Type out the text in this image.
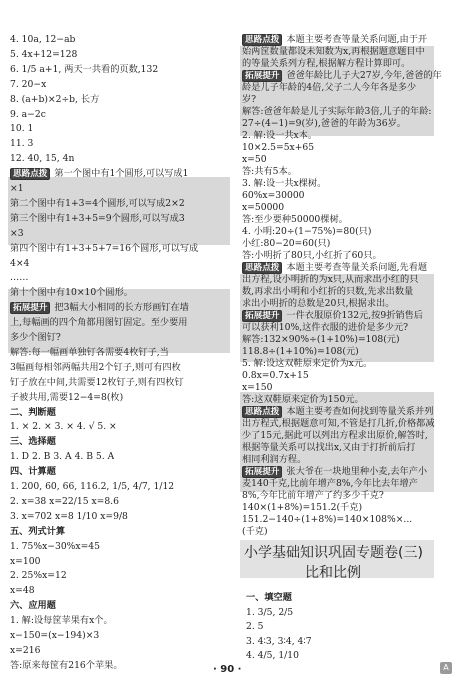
4. 10a, 12−ab
5. 4x+12=128
6. 1/5 a+1, 两天一共看的页数,132
7. 20−x
8. (a+b)×2÷b, 长方
9. a−2c
10. 1
11. 3
12. 40, 15, 4n
思路点拨 第一个图中有1个圆形,可以写成1
×1
第二个图中有1+3=4个圆形,可以写成2×2
第三个图中有1+3+5=9个圆形,可以写成3
×3
第四个图中有1+3+5+7=16个圆形,可以写成
4×4
……
第十个图中有10×10个圆形。
拓展提升 把3幅大小相同的长方形画钉在墙
上,每幅画的四个角都用图钉固定。至少要用
多少个图钉?
解答:每一幅画单独钉各需要4枚钉子,当
3幅画每相邻两幅共用2个钉子,则可有四枚
钉子放在中间,共需要12枚钉子,则有四枚钉
子被共用,需要12−4=8(枚)
二、判断题
1. × 2. × 3. × 4. √ 5. ×
三、选择题
1. D 2. B 3. A 4. B 5. A
四、计算题
1. 200, 60, 66, 116.2, 1/5, 4/7, 1/12
2. x=38 x=22/15 x=8.6
3. x=702 x=8 1/10 x=9/8
五、列式计算
1. 75%x−30%x=45
x=100
2. 25%x=12
x=48
六、应用题
1. 解:设每筐苹果有x个。
x−150=(x−194)×3
x=216
答:原来每筐有216个苹果。
思路点拨 本题主要考查等量关系问题,由于开
始两筐数量都设未知数为x,再根据题意题目中
的等量关系列方程,根据解方程计算即可。
拓展提升 爸爸年龄比儿子大27岁,今年,爸爸的年
龄是儿子年龄的4倍,父子二人今年各是多少
岁?
解答:爸爸年龄是儿子实际年龄3倍,儿子的年龄:
27÷(4−1)=9(岁),爸爸的年龄为36岁。
2. 解:设一共x本。
10×2.5=5x+65
x=50
答:共有5本。
3. 解:设一共x棵树。
60%x=30000
x=50000
答:至少要种50000棵树。
4. 小明:20÷(1−75%)=80(只)
小红:80−20=60(只)
答:小明折了80只,小红折了60只。
思路点拨 本题主要考查等量关系问题,先看题
出方程,设小明折的为x只,从而求出小红的只
数,再求出小明和小红折的只数,先求出数量
求出小明折的总数是20只,根据求出。
拓展提升 一件衣服原价132元,按9折销售后
可以获利10%,这件衣服的进价是多少元?
解答:132×90%÷(1+10%)=108(元)
118.8÷(1+10%)=108(元)
5. 解:设这双鞋原来定价为x元。
0.8x=0.7x+15
x=150
答:这双鞋原来定价为150元。
思路点拨 本题主要考查如何找到等量关系并列
出方程式,根据题意可知,不管是打几折,价格都减
少了15元,据此可以列出方程求出原价,解答时,
根据等量关系可以找出x,又由于打折前后打
相同利润方程。
拓展提升 张大爷在一块地里种小麦,去年产小
麦140千克,比前年增产8%,今年比去年增产
8%,今年比前年增产了约多少千克?
140×(1+8%)=151.2(千克)
151.2−140÷(1+8%)=140×108%×...
(千克)
小学基础知识巩固专题卷(三)
比和比例
一、填空题
1. 3/5, 2/5
2. 5
3. 4∶3, 3∶4, 4∶7
4. 4/5, 1/10
· 90 ·	A
